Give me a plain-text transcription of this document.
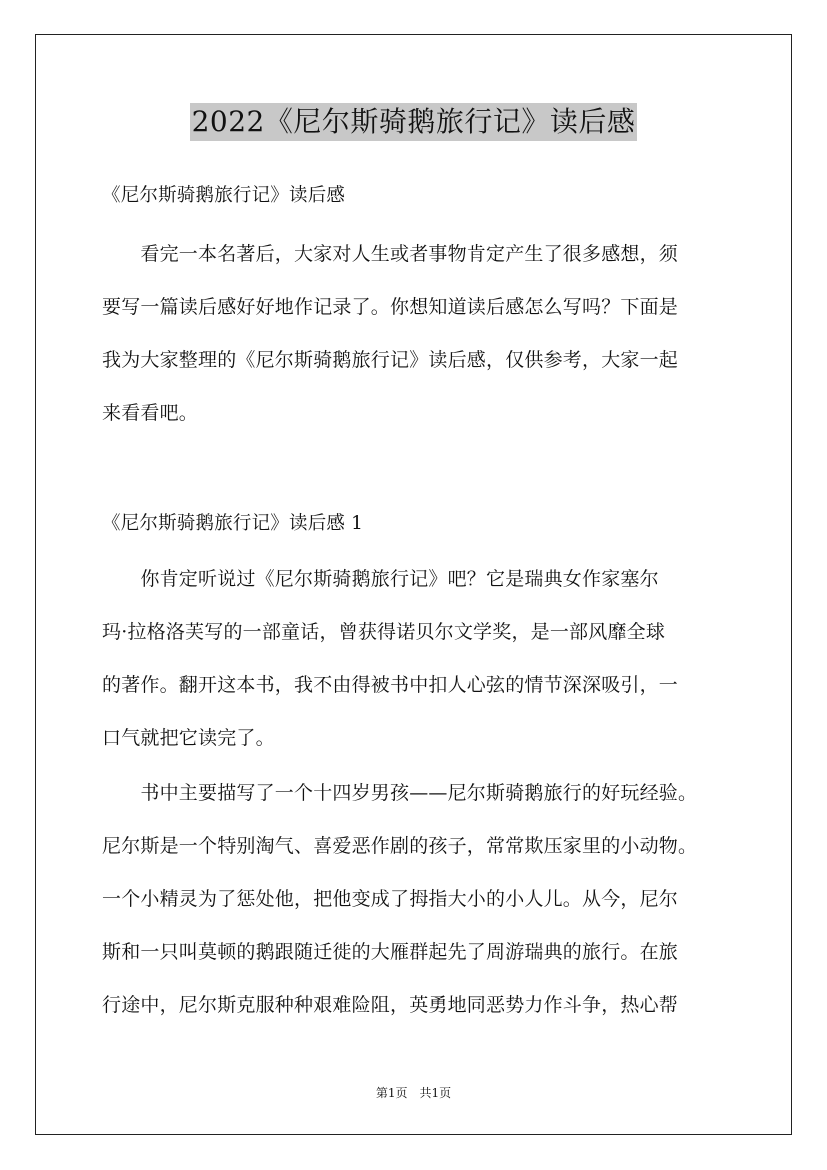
2022《尼尔斯骑鹅旅行记》读后感
《尼尔斯骑鹅旅行记》读后感
　　看完一本名著后，大家对人生或者事物肯定产生了很多感想，须
要写一篇读后感好好地作记录了。你想知道读后感怎么写吗？下面是
我为大家整理的《尼尔斯骑鹅旅行记》读后感，仅供参考，大家一起
来看看吧。
《尼尔斯骑鹅旅行记》读后感 1
　　你肯定听说过《尼尔斯骑鹅旅行记》吧？它是瑞典女作家塞尔
玛·拉格洛芙写的一部童话，曾获得诺贝尔文学奖，是一部风靡全球
的著作。翻开这本书，我不由得被书中扣人心弦的情节深深吸引，一
口气就把它读完了。
　　书中主要描写了一个十四岁男孩——尼尔斯骑鹅旅行的好玩经验。
尼尔斯是一个特别淘气、喜爱恶作剧的孩子，常常欺压家里的小动物。
一个小精灵为了惩处他，把他变成了拇指大小的小人儿。从今，尼尔
斯和一只叫莫顿的鹅跟随迁徙的大雁群起先了周游瑞典的旅行。在旅
行途中，尼尔斯克服种种艰难险阻，英勇地同恶势力作斗争，热心帮
第1页　共1页
